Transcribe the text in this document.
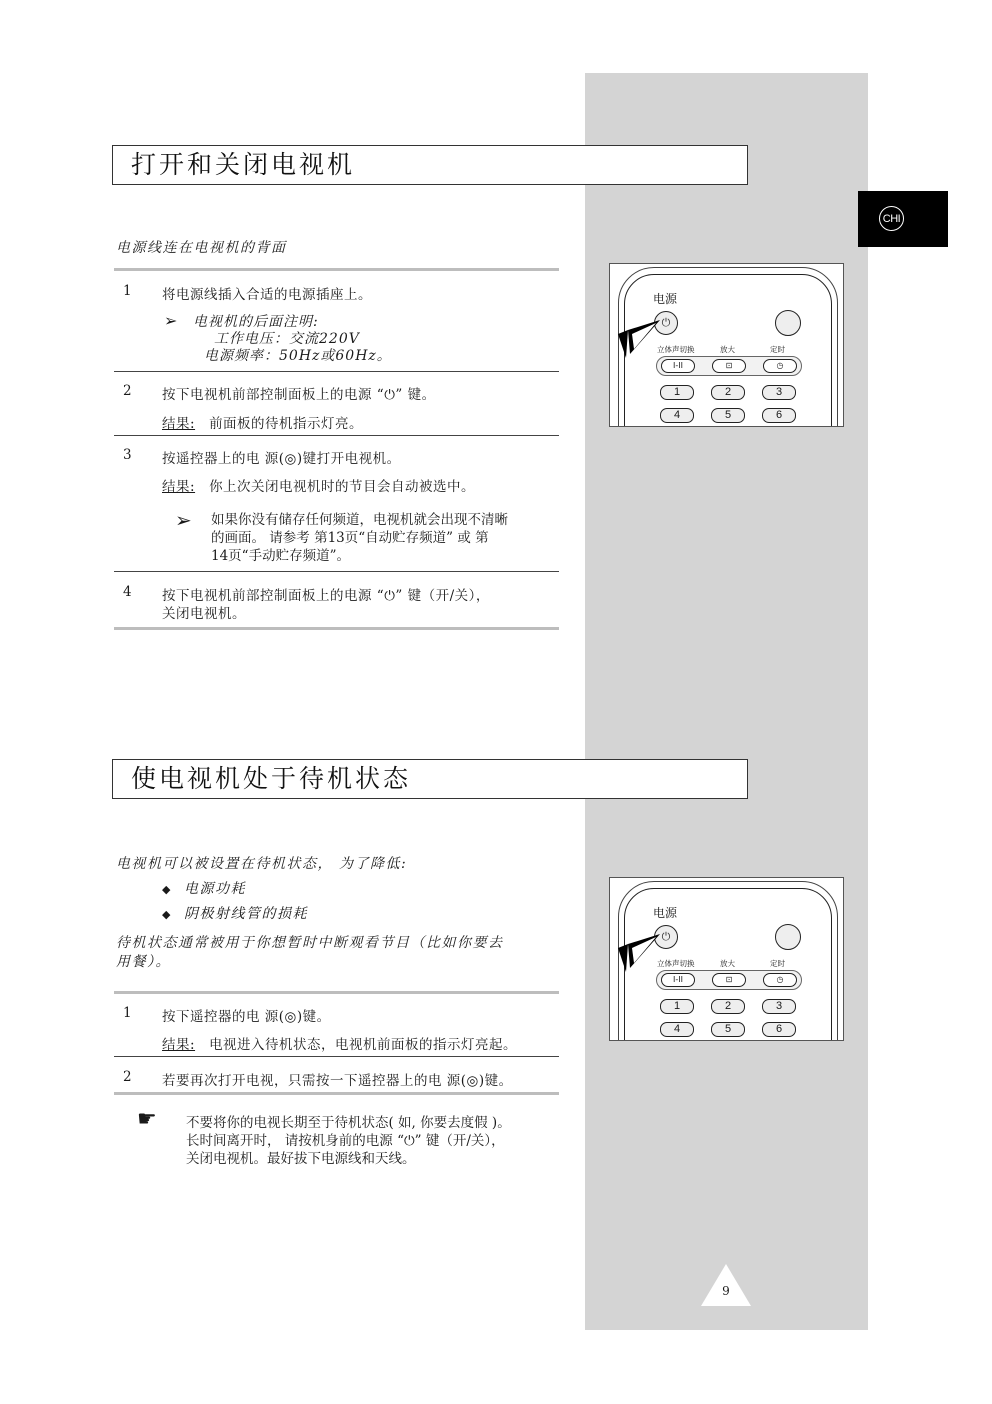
CHI
打开和关闭电视机
电源线连在电视机的背面
1 将电源线插入合适的电源插座上。
➢ 电视机的后面注明:
工作电压：交流220V
电源频率：50Hz或60Hz。
2 按下电视机前部控制面板上的电源 “⏻” 键。
结果: 前面板的待机指示灯亮。
3 按遥控器上的电 源(◎)键打开电视机。
结果: 你上次关闭电视机时的节目会自动被选中。
➢ 如果你没有储存任何频道，电视机就会出现不清晰
的画面。 请参考 第13页“自动贮存频道” 或 第
14页“手动贮存频道”。
4 按下电视机前部控制面板上的电源 “⏻” 键（开/关），
关闭电视机。
使电视机处于待机状态
电视机可以被设置在待机状态， 为了降低:
◆ 电源功耗
◆ 阴极射线管的损耗
待机状态通常被用于你想暂时中断观看节目（比如你要去
用餐）。
1 按下遥控器的电 源(◎)键。
结果: 电视进入待机状态，电视机前面板的指示灯亮起。
2 若要再次打开电视，只需按一下遥控器上的电 源(◎)键。
☛ 不要将你的电视长期至于待机状态( 如, 你要去度假 )。
长时间离开时， 请按机身前的电源 “⏻” 键（开/关），
关闭电视机。最好拔下电源线和天线。
电源
⏻
立体声切换	放大	定时
I-II	⊡	◷
1	2	3
4	5	6
电源
⏻
立体声切换	放大	定时
I-II	⊡	◷
1	2	3
4	5	6
9
